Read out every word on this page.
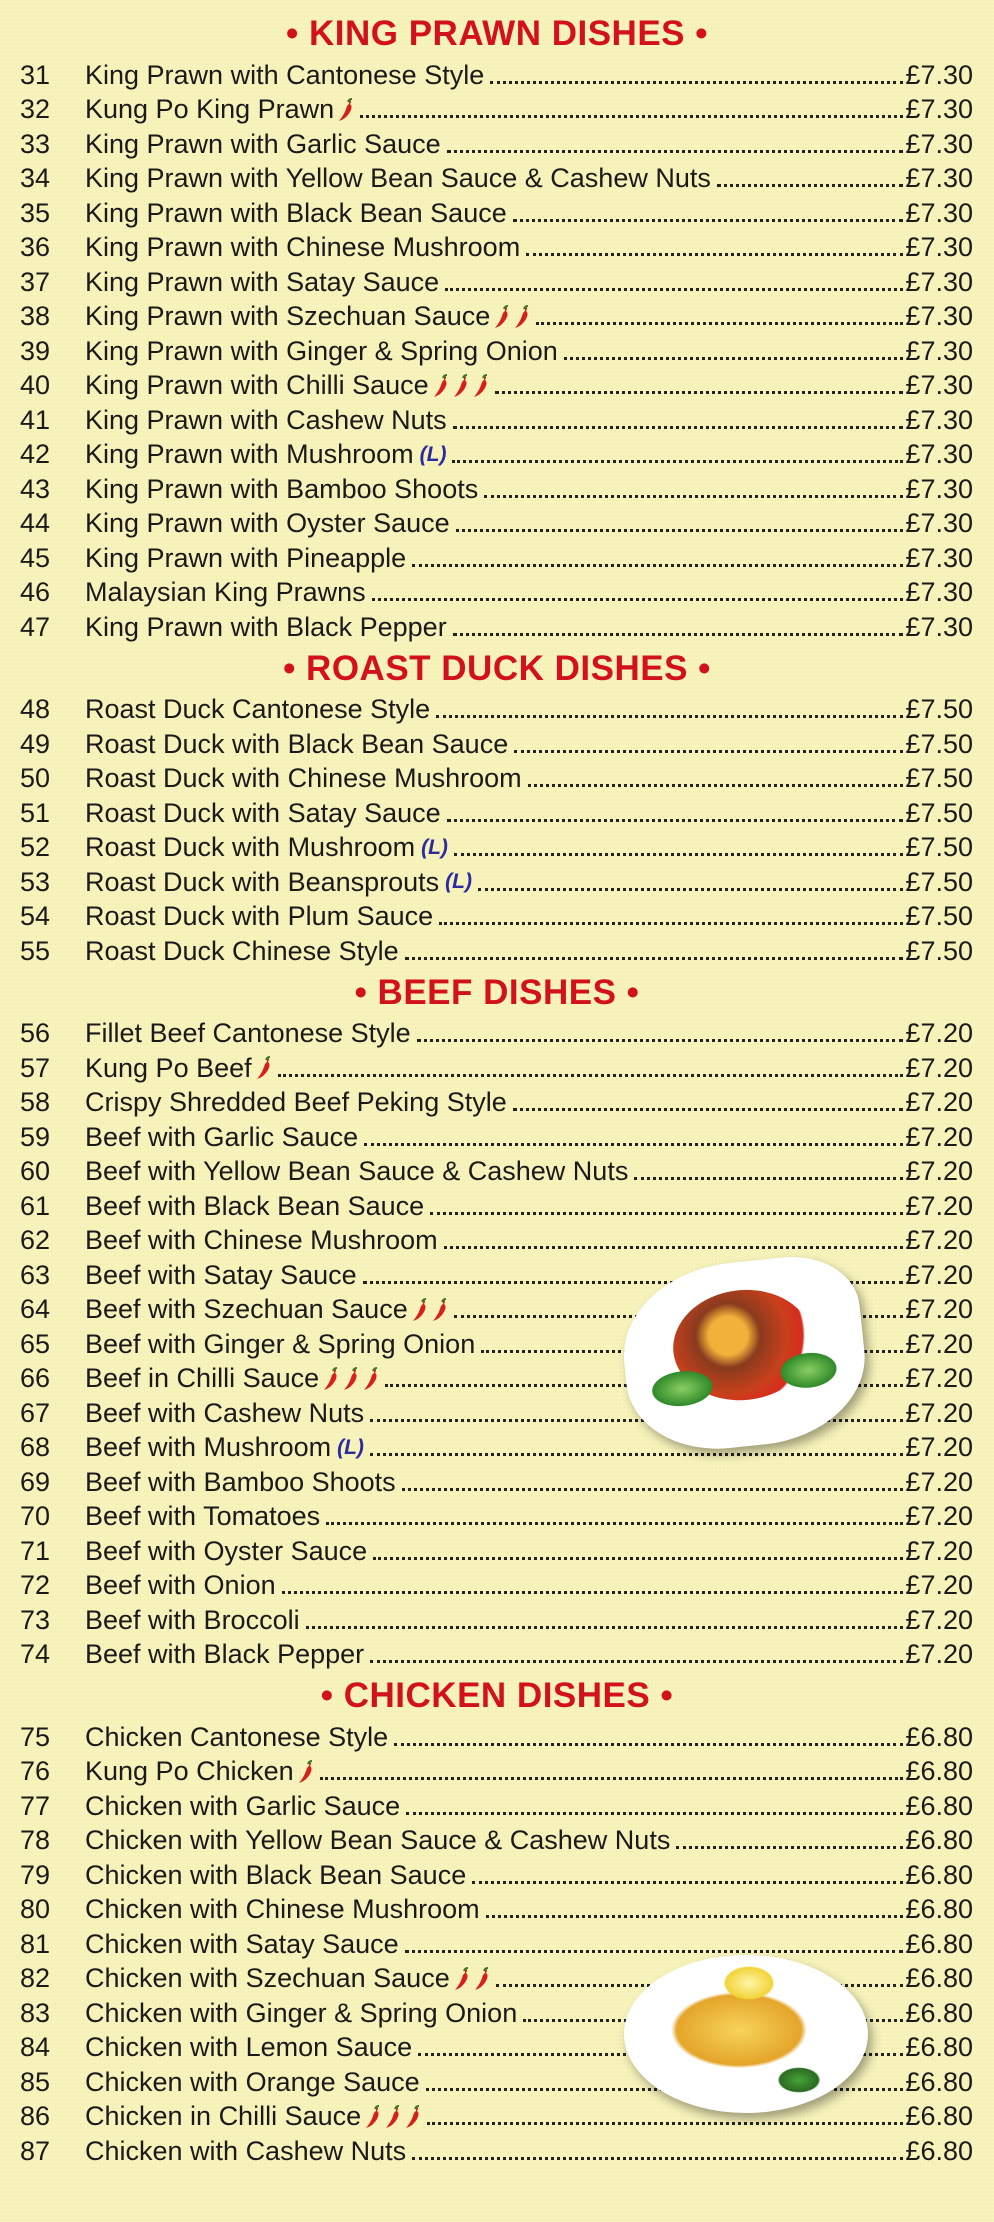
• KING PRAWN DISHES •
31	King Prawn with Cantonese Style	£7.30
32	Kung Po King Prawn	£7.30
33	King Prawn with Garlic Sauce	£7.30
34	King Prawn with Yellow Bean Sauce & Cashew Nuts	£7.30
35	King Prawn with Black Bean Sauce	£7.30
36	King Prawn with Chinese Mushroom	£7.30
37	King Prawn with Satay Sauce	£7.30
38	King Prawn with Szechuan Sauce	£7.30
39	King Prawn with Ginger & Spring Onion	£7.30
40	King Prawn with Chilli Sauce	£7.30
41	King Prawn with Cashew Nuts	£7.30
42	King Prawn with Mushroom (L)	£7.30
43	King Prawn with Bamboo Shoots	£7.30
44	King Prawn with Oyster Sauce	£7.30
45	King Prawn with Pineapple	£7.30
46	Malaysian King Prawns	£7.30
47	King Prawn with Black Pepper	£7.30
• ROAST DUCK DISHES •
48	Roast Duck Cantonese Style	£7.50
49	Roast Duck with Black Bean Sauce	£7.50
50	Roast Duck with Chinese Mushroom	£7.50
51	Roast Duck with Satay Sauce	£7.50
52	Roast Duck with Mushroom (L)	£7.50
53	Roast Duck with Beansprouts (L)	£7.50
54	Roast Duck with Plum Sauce	£7.50
55	Roast Duck Chinese Style	£7.50
• BEEF DISHES •
56	Fillet Beef Cantonese Style	£7.20
57	Kung Po Beef	£7.20
58	Crispy Shredded Beef Peking Style	£7.20
59	Beef with Garlic Sauce	£7.20
60	Beef with Yellow Bean Sauce & Cashew Nuts	£7.20
61	Beef with Black Bean Sauce	£7.20
62	Beef with Chinese Mushroom	£7.20
63	Beef with Satay Sauce	£7.20
64	Beef with Szechuan Sauce	£7.20
65	Beef with Ginger & Spring Onion	£7.20
66	Beef in Chilli Sauce	£7.20
67	Beef with Cashew Nuts	£7.20
68	Beef with Mushroom (L)	£7.20
69	Beef with Bamboo Shoots	£7.20
70	Beef with Tomatoes	£7.20
71	Beef with Oyster Sauce	£7.20
72	Beef with Onion	£7.20
73	Beef with Broccoli	£7.20
74	Beef with Black Pepper	£7.20
• CHICKEN DISHES •
75	Chicken Cantonese Style	£6.80
76	Kung Po Chicken	£6.80
77	Chicken with Garlic Sauce	£6.80
78	Chicken with Yellow Bean Sauce & Cashew Nuts	£6.80
79	Chicken with Black Bean Sauce	£6.80
80	Chicken with Chinese Mushroom	£6.80
81	Chicken with Satay Sauce	£6.80
82	Chicken with Szechuan Sauce	£6.80
83	Chicken with Ginger & Spring Onion	£6.80
84	Chicken with Lemon Sauce	£6.80
85	Chicken with Orange Sauce	£6.80
86	Chicken in Chilli Sauce	£6.80
87	Chicken with Cashew Nuts	£6.80
